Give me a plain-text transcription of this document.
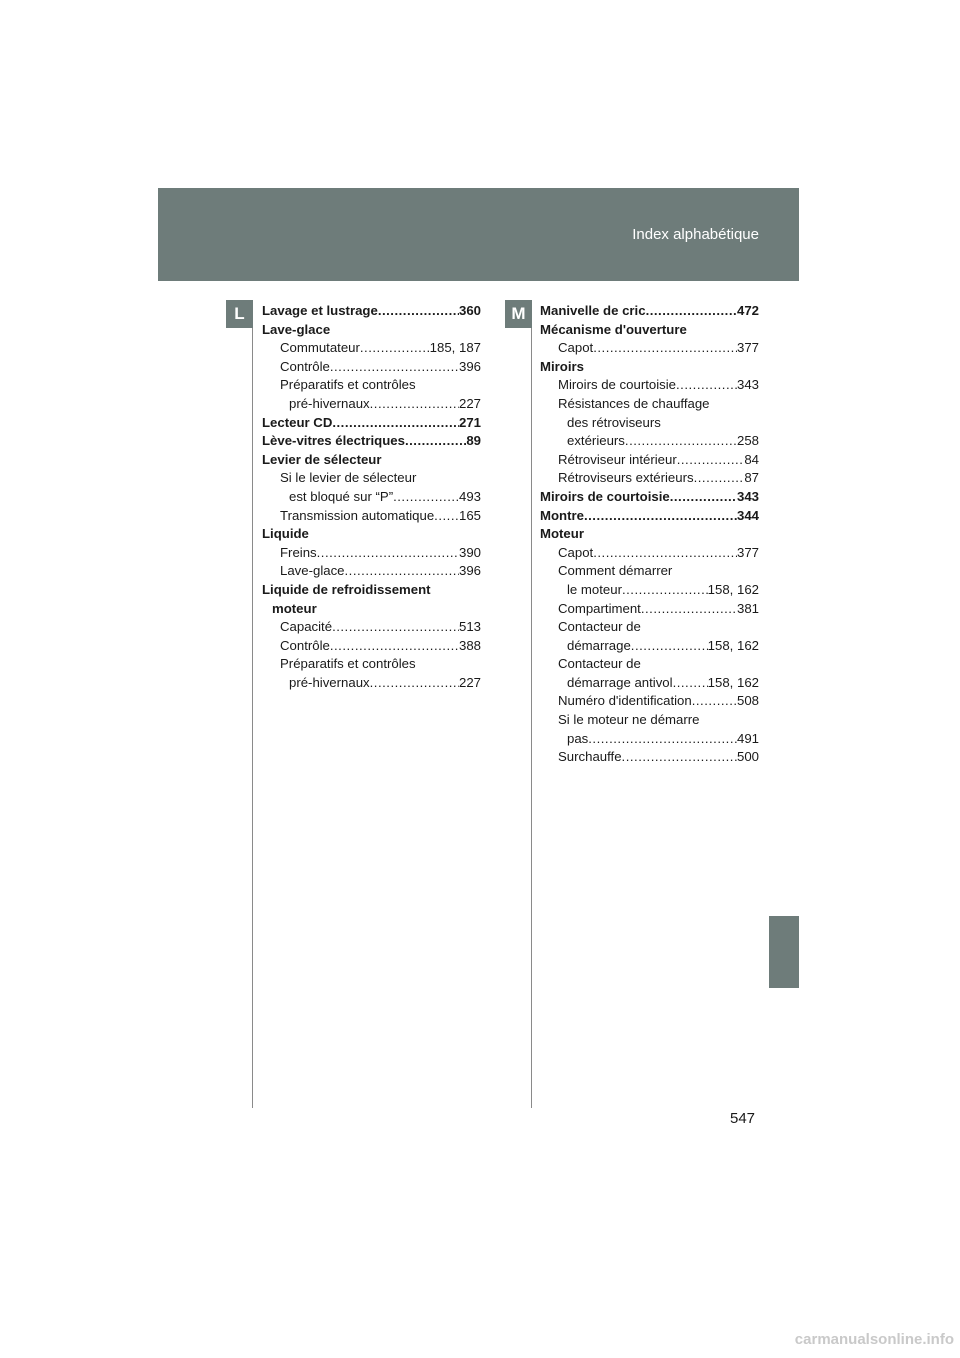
Index alphabétique
L	M
Lavage et lustrage .....	360
Lave-glace
Commutateur .....	185, 187
Contrôle .....	396
Préparatifs et contrôles
pré-hivernaux .....	227
Lecteur CD .....	271
Lève-vitres électriques .....	89
Levier de sélecteur
Si le levier de sélecteur
est bloqué sur “P” .....	493
Transmission automatique ..... 165
Liquide
Freins .....	390
Lave-glace .....	396
Liquide de refroidissement
moteur
Capacité .....	513
Contrôle .....	388
Préparatifs et contrôles
pré-hivernaux .....	227
Manivelle de cric .....	472
Mécanisme d'ouverture
Capot .....	377
Miroirs
Miroirs de courtoisie .....	343
Résistances de chauffage
des rétroviseurs
extérieurs .....	258
Rétroviseur intérieur .....	84
Rétroviseurs extérieurs .....	87
Miroirs de courtoisie .....	343
Montre .....	344
Moteur
Capot .....	377
Comment démarrer
le moteur .....	158, 162
Compartiment .....	381
Contacteur de
démarrage .....	158, 162
Contacteur de
démarrage antivol .....	158, 162
Numéro d'identification .....	508
Si le moteur ne démarre
pas .....	491
Surchauffe .....	500
547
carmanualsonline.info
